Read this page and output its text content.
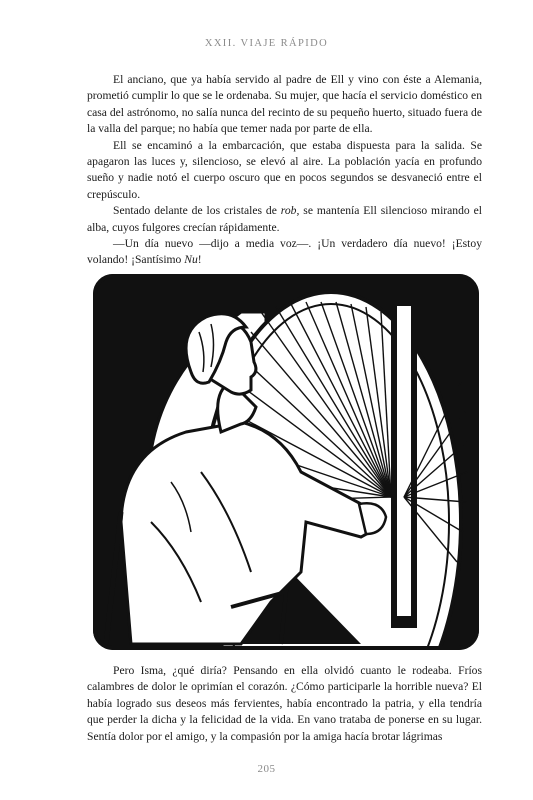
XXII. VIAJE RÁPIDO

El anciano, que ya había servido al padre de Ell y vino con éste a Alemania, prometió cumplir lo que se le ordenaba. Su mujer, que hacía el servicio doméstico en casa del astrónomo, no salía nunca del recinto de su pequeño huerto, situado fuera de la valla del parque; no había que temer nada por parte de ella.

Ell se encaminó a la embarcación, que estaba dispuesta para la salida. Se apagaron las luces y, silencioso, se elevó al aire. La población yacía en profundo sueño y nadie notó el cuerpo oscuro que en pocos segundos se desvaneció entre el crepúsculo.

Sentado delante de los cristales de rob, se mantenía Ell silencioso mirando el alba, cuyos fulgores crecían rápidamente.

—Un día nuevo —dijo a media voz—. ¡Un verdadero día nuevo! ¡Estoy volando! ¡Santísimo Nu!

Pero Isma, ¿qué diría? Pensando en ella olvidó cuanto le rodeaba. Fríos calambres de dolor le oprimían el corazón. ¿Cómo participarle la horrible nueva? El había logrado sus deseos más fervientes, había encontrado la patria, y ella tendría que perder la dicha y la felicidad de la vida. En vano trataba de ponerse en su lugar. Sentía dolor por el amigo, y la compasión por la amiga hacía brotar lágrimas

205
